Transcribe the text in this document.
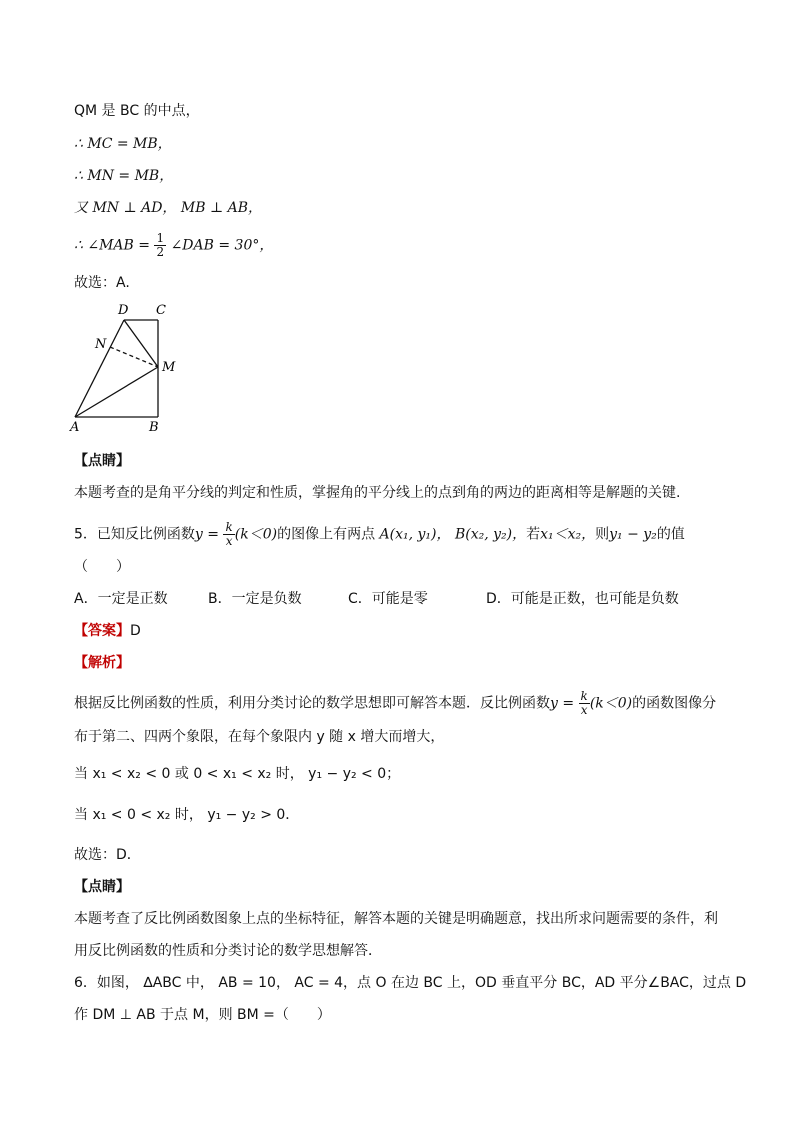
QM 是 BC 的中点，
∴ MC = MB，
∴ MN = MB，
又 MN ⊥ AD， MB ⊥ AB，
∴ ∠MAB = $\frac{1}{2}$ ∠DAB = 30°，
故选：A.
D C
N
M
A	B
【点睛】
本题考查的是角平分线的判定和性质，掌握角的平分线上的点到角的两边的距离相等是解题的关键.
5．已知反比例函数$y = \frac{k}{x} (k<0)$的图像上有两点 A(x₁, y₁)， B(x₂, y₂)，若x₁＜x₂，则y₁ − y₂的值
（　　）
A．一定是正数	B．一定是负数	C．可能是零	D．可能是正数，也可能是负数
【答案】D
【解析】
根据反比例函数的性质，利用分类讨论的数学思想即可解答本题．反比例函数$y = \frac{k}{x} (k<0)$的函数图像分
布于第二、四两个象限，在每个象限内 y 随 x 增大而增大，
当 x₁ < x₂ < 0 或 0 < x₁ < x₂ 时， y₁ − y₂ < 0；
当 x₁ < 0 < x₂ 时， y₁ − y₂ > 0．
故选：D．
【点睛】
本题考查了反比例函数图象上点的坐标特征，解答本题的关键是明确题意，找出所求问题需要的条件，利
用反比例函数的性质和分类讨论的数学思想解答．
6．如图， ∆ABC 中， AB = 10， AC = 4，点 O 在边 BC 上，OD 垂直平分 BC，AD 平分∠BAC，过点 D
作 DM ⊥ AB 于点 M，则 BM =（　　）
